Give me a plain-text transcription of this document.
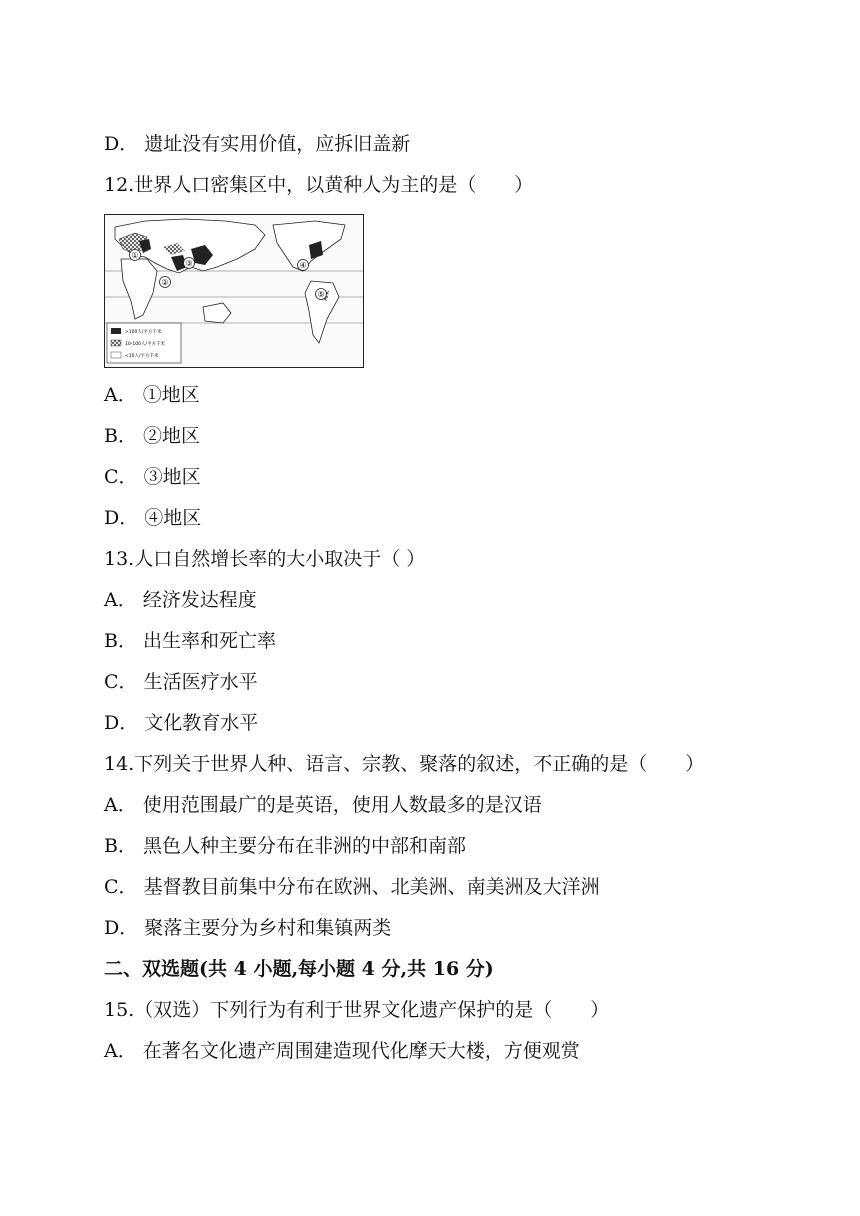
D． 遗址没有实用价值，应拆旧盖新
12.世界人口密集区中，以黄种人为主的是（　　）
①
②
③	④
⑤
>100人/平方千米
10-100人/平方千米
<10人/平方千米
A． ①地区
B． ②地区
C． ③地区
D． ④地区
13.人口自然增长率的大小取决于（ ）
A． 经济发达程度
B． 出生率和死亡率
C． 生活医疗水平
D． 文化教育水平
14.下列关于世界人种、语言、宗教、聚落的叙述，不正确的是（　　）
A． 使用范围最广的是英语，使用人数最多的是汉语
B． 黑色人种主要分布在非洲的中部和南部
C． 基督教目前集中分布在欧洲、北美洲、南美洲及大洋洲
D． 聚落主要分为乡村和集镇两类
二、双选题(共 4 小题,每小题 4 分,共 16 分)
15.（双选）下列行为有利于世界文化遗产保护的是（　　）
A． 在著名文化遗产周围建造现代化摩天大楼，方便观赏
